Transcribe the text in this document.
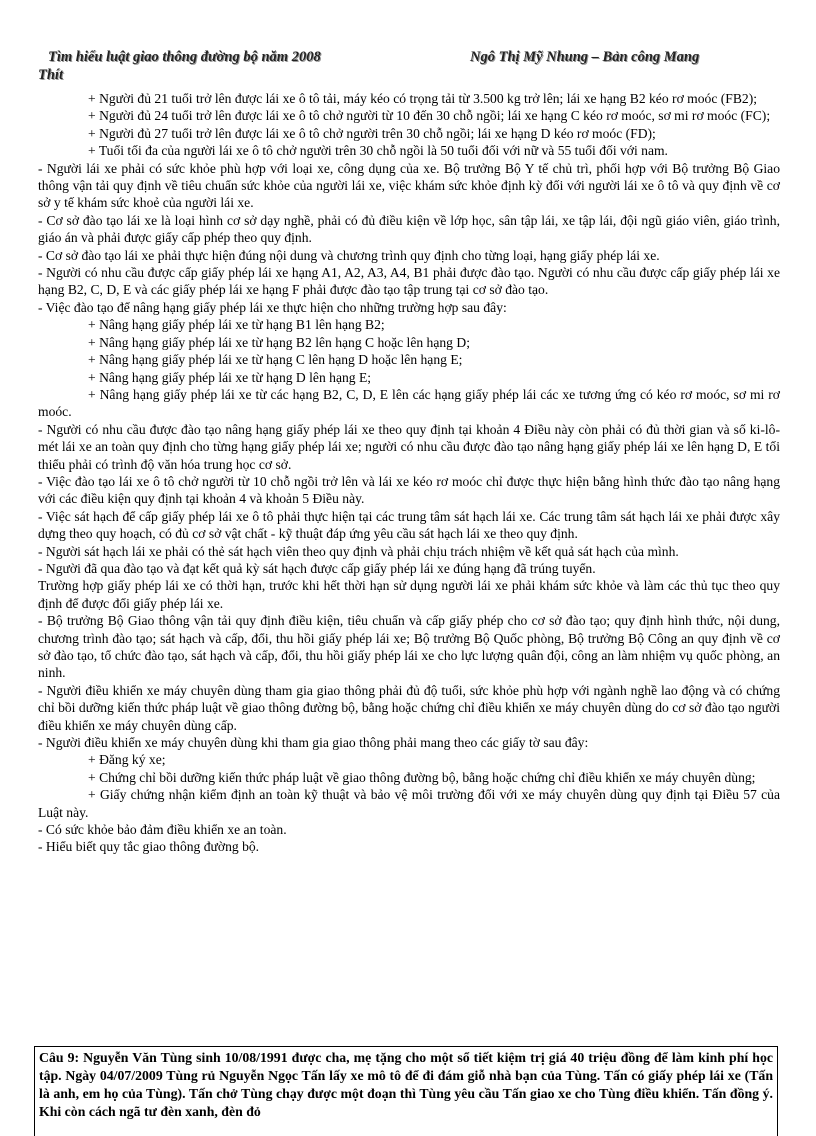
Tìm hiểu luật giao thông đường bộ năm 2008	Ngô Thị Mỹ Nhung – Bản công Mang
Thít

+ Người đủ 21 tuổi trở lên được lái xe ô tô tải, máy kéo có trọng tải từ 3.500 kg trở lên; lái xe hạng B2 kéo rơ moóc (FB2);

+ Người đủ 24 tuổi trở lên được lái xe ô tô chở người từ 10 đến 30 chỗ ngồi; lái xe hạng C kéo rơ moóc, sơ mi rơ moóc (FC);

+ Người đủ 27 tuổi trở lên được lái xe ô tô chở người trên 30 chỗ ngồi; lái xe hạng D kéo rơ moóc (FD);

+ Tuổi tối đa của người lái xe ô tô chở người trên 30 chỗ ngồi là 50 tuổi đối với nữ và 55 tuổi đối với nam.

- Người lái xe phải có sức khỏe phù hợp với loại xe, công dụng của xe. Bộ trưởng Bộ Y tế chủ trì, phối hợp với Bộ trưởng Bộ Giao thông vận tải quy định về tiêu chuẩn sức khỏe của người lái xe, việc khám sức khỏe định kỳ đối với người lái xe ô tô và quy định về cơ sở y tế khám sức khoẻ của người lái xe.

- Cơ sở đào tạo lái xe là loại hình cơ sở dạy nghề, phải có đủ điều kiện về lớp học, sân tập lái, xe tập lái, đội ngũ giáo viên, giáo trình, giáo án và phải được giấy cấp phép theo quy định.

- Cơ sở đào tạo lái xe phải thực hiện đúng nội dung và chương trình quy định cho từng loại, hạng giấy phép lái xe.

- Người có nhu cầu được cấp giấy phép lái xe hạng A1, A2, A3, A4, B1 phải được đào tạo. Người có nhu cầu được cấp giấy phép lái xe hạng B2, C, D, E và các giấy phép lái xe hạng F phải được đào tạo tập trung tại cơ sở đào tạo.

- Việc đào tạo để nâng hạng giấy phép lái xe thực hiện cho những trường hợp sau đây:

+ Nâng hạng giấy phép lái xe từ hạng B1 lên hạng B2;

+ Nâng hạng giấy phép lái xe từ hạng B2 lên hạng C hoặc lên hạng D;

+ Nâng hạng giấy phép lái xe từ hạng C lên hạng D hoặc lên hạng E;

+ Nâng hạng giấy phép lái xe từ hạng D lên hạng E;

+ Nâng hạng giấy phép lái xe từ các hạng B2, C, D, E lên các hạng giấy phép lái các xe tương ứng có kéo rơ moóc, sơ mi rơ moóc.

- Người có nhu cầu được đào tạo nâng hạng giấy phép lái xe theo quy định tại khoản 4 Điều này còn phải có đủ thời gian và số ki-lô-mét lái xe an toàn quy định cho từng hạng giấy phép lái xe; người có nhu cầu được đào tạo nâng hạng giấy phép lái xe lên hạng D, E tối thiểu phải có trình độ văn hóa trung học cơ sở.

- Việc đào tạo lái xe ô tô chở người từ 10 chỗ ngồi trở lên và lái xe kéo rơ moóc chỉ được thực hiện bằng hình thức đào tạo nâng hạng với các điều kiện quy định tại khoản 4 và khoản 5 Điều này.

- Việc sát hạch để cấp giấy phép lái xe ô tô phải thực hiện tại các trung tâm sát hạch lái xe. Các trung tâm sát hạch lái xe phải được xây dựng theo quy hoạch, có đủ cơ sở vật chất - kỹ thuật đáp ứng yêu cầu sát hạch lái xe theo quy định.

- Người sát hạch lái xe phải có thẻ sát hạch viên theo quy định và phải chịu trách nhiệm về kết quả sát hạch của mình.

- Người đã qua đào tạo và đạt kết quả kỳ sát hạch được cấp giấy phép lái xe đúng hạng đã trúng tuyển.

Trường hợp giấy phép lái xe có thời hạn, trước khi hết thời hạn sử dụng người lái xe phải khám sức khỏe và làm các thủ tục theo quy định để được đổi giấy phép lái xe.

- Bộ trưởng Bộ Giao thông vận tải quy định điều kiện, tiêu chuẩn và cấp giấy phép cho cơ sở đào tạo; quy định hình thức, nội dung, chương trình đào tạo; sát hạch và cấp, đổi, thu hồi giấy phép lái xe; Bộ trưởng Bộ Quốc phòng, Bộ trưởng Bộ Công an quy định về cơ sở đào tạo, tổ chức đào tạo, sát hạch và cấp, đổi, thu hồi giấy phép lái xe cho lực lượng quân đội, công an làm nhiệm vụ quốc phòng, an ninh.

- Người điều khiển xe máy chuyên dùng tham gia giao thông phải đủ độ tuổi, sức khỏe phù hợp với ngành nghề lao động và có chứng chỉ bồi dưỡng kiến thức pháp luật về giao thông đường bộ, bằng hoặc chứng chỉ điều khiển xe máy chuyên dùng do cơ sở đào tạo người điều khiển xe máy chuyên dùng cấp.

- Người điều khiển xe máy chuyên dùng khi tham gia giao thông phải mang theo các giấy tờ sau đây:

+ Đăng ký xe;

+ Chứng chỉ bồi dưỡng kiến thức pháp luật về giao thông đường bộ, bằng hoặc chứng chỉ điều khiển xe máy chuyên dùng;

+ Giấy chứng nhận kiểm định an toàn kỹ thuật và bảo vệ môi trường đối với xe máy chuyên dùng quy định tại Điều 57 của Luật này.

- Có sức khỏe bảo đảm điều khiển xe an toàn.

- Hiểu biết quy tắc giao thông đường bộ.

Câu 9: Nguyễn Văn Tùng sinh 10/08/1991 được cha, mẹ tặng cho một sổ tiết kiệm trị giá 40 triệu đồng để làm kinh phí học tập. Ngày 04/07/2009 Tùng rủ Nguyễn Ngọc Tấn lấy xe mô tô để đi đám giỗ nhà bạn của Tùng. Tấn có giấy phép lái xe (Tấn là anh, em họ của Tùng). Tấn chở Tùng chạy được một đoạn thì Tùng yêu cầu Tấn giao xe cho Tùng điều khiển. Tấn đồng ý. Khi còn cách ngã tư đèn xanh, đèn đỏ
